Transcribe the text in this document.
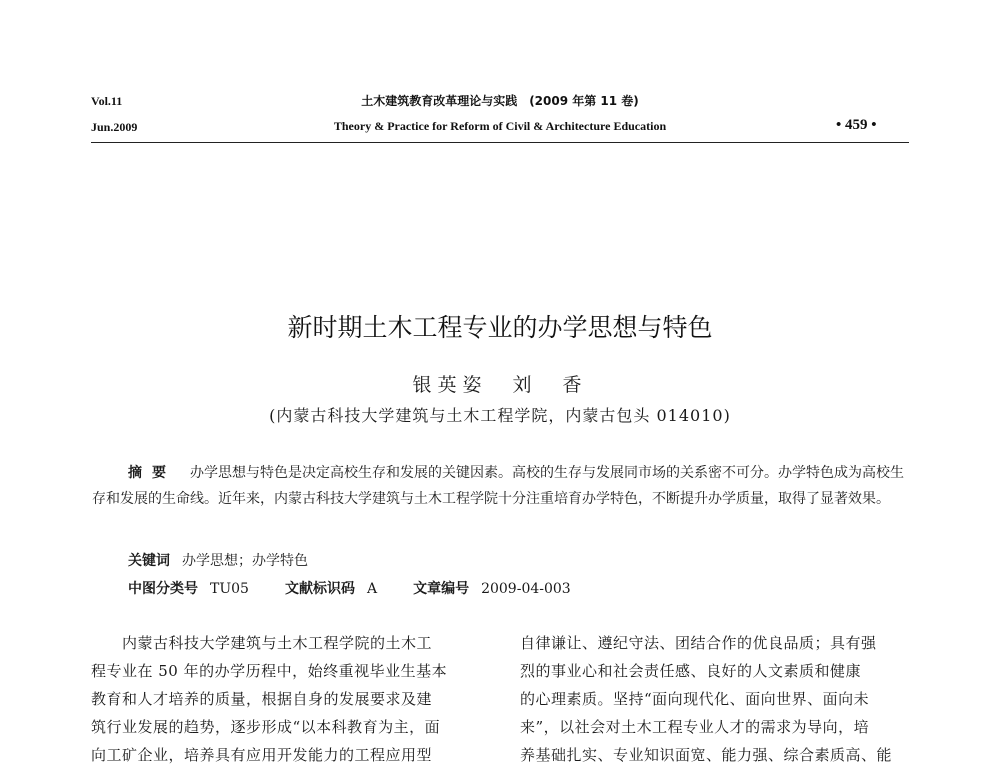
Vol.11
Jun.2009
土木建筑教育改革理论与实践　(2009 年第 11 卷)
Theory & Practice for Reform of Civil & Architecture Education	• 459 •
新时期土木工程专业的办学思想与特色
银英姿　刘　香
(内蒙古科技大学建筑与土木工程学院，内蒙古包头 014010)
摘要 办学思想与特色是决定高校生存和发展的关键因素。高校的生存与发展同市场的关系密不可分。办学特色成为高校生存和发展的生命线。近年来，内蒙古科技大学建筑与土木工程学院十分注重培育办学特色，不断提升办学质量，取得了显著效果。
关键词 办学思想；办学特色
中图分类号 TU05	文献标识码 A	文章编号 2009-04-003
　　内蒙古科技大学建筑与土木工程学院的土木工
程专业在 50 年的办学历程中，始终重视毕业生基本
教育和人才培养的质量，根据自身的发展要求及建
筑行业发展的趋势，逐步形成“以本科教育为主，面
向工矿企业，培养具有应用开发能力的工程应用型
自律谦让、遵纪守法、团结合作的优良品质；具有强
烈的事业心和社会责任感、良好的人文素质和健康
的心理素质。坚持“面向现代化、面向世界、面向未
来”，以社会对土木工程专业人才的需求为导向，培
养基础扎实、专业知识面宽、能力强、综合素质高、能
